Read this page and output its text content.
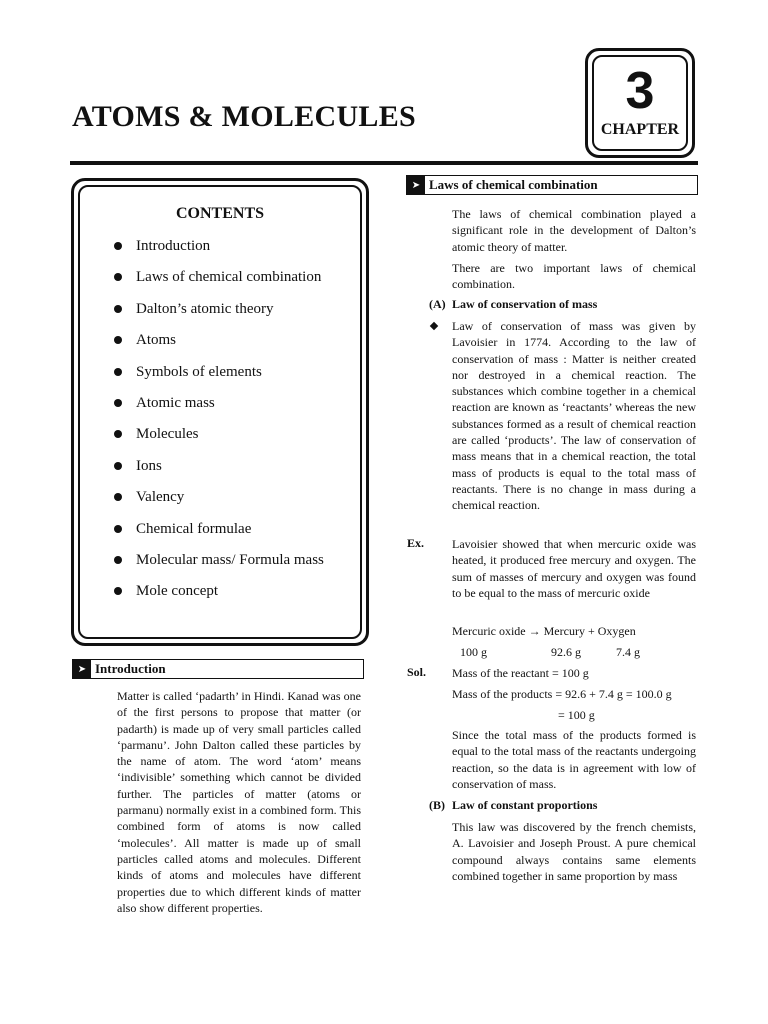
ATOMS & MOLECULES	3
CHAPTER
CONTENTS
Introduction
Laws of chemical combination
Dalton’s atomic theory
Atoms
Symbols of elements
Atomic mass
Molecules
Ions
Valency
Chemical formulae
Molecular mass/ Formula mass
Mole concept
➤ Introduction

Matter is called ‘padarth’ in Hindi. Kanad was one of the first persons to propose that matter (or padarth) is made up of very small particles called ‘parmanu’. John Dalton called these particles by the name of atom. The word ‘atom’ means ‘indivisible’ something which cannot be divided further. The particles of matter (atoms or parmanu) normally exist in a combined form. This combined form of atoms is now called ‘molecules’. All matter is made up of small particles called atoms and molecules. Different kinds of atoms and molecules have different properties due to which different kinds of matter also show different properties.

➤ Laws of chemical combination

The laws of chemical combination played a significant role in the development of Dalton’s atomic theory of matter.

There are two important laws of chemical combination.

(A) Law of conservation of mass

Law of conservation of mass was given by Lavoisier in 1774. According to the law of conservation of mass : Matter is neither created nor destroyed in a chemical reaction. The substances which combine together in a chemical reaction are known as ‘reactants’ whereas the new substances formed as a result of chemical reaction are called ‘products’. The law of conservation of mass means that in a chemical reaction, the total mass of products is equal to the total mass of reactants. There is no change in mass during a chemical reaction.

Ex. Lavoisier showed that when mercuric oxide was heated, it produced free mercury and oxygen. The sum of masses of mercury and oxygen was found to be equal to the mass of mercuric oxide

Mercuric oxide → Mercury + Oxygen
100 g	92.6 g	7.4 g
Sol. Mass of the reactant = 100 g
Mass of the products = 92.6 + 7.4 g = 100.0 g
= 100 g

Since the total mass of the products formed is equal to the total mass of the reactants undergoing reaction, so the data is in agreement with low of conservation of mass.

(B) Law of constant proportions

This law was discovered by the french chemists, A. Lavoisier and Joseph Proust. A pure chemical compound always contains same elements combined together in same proportion by mass
